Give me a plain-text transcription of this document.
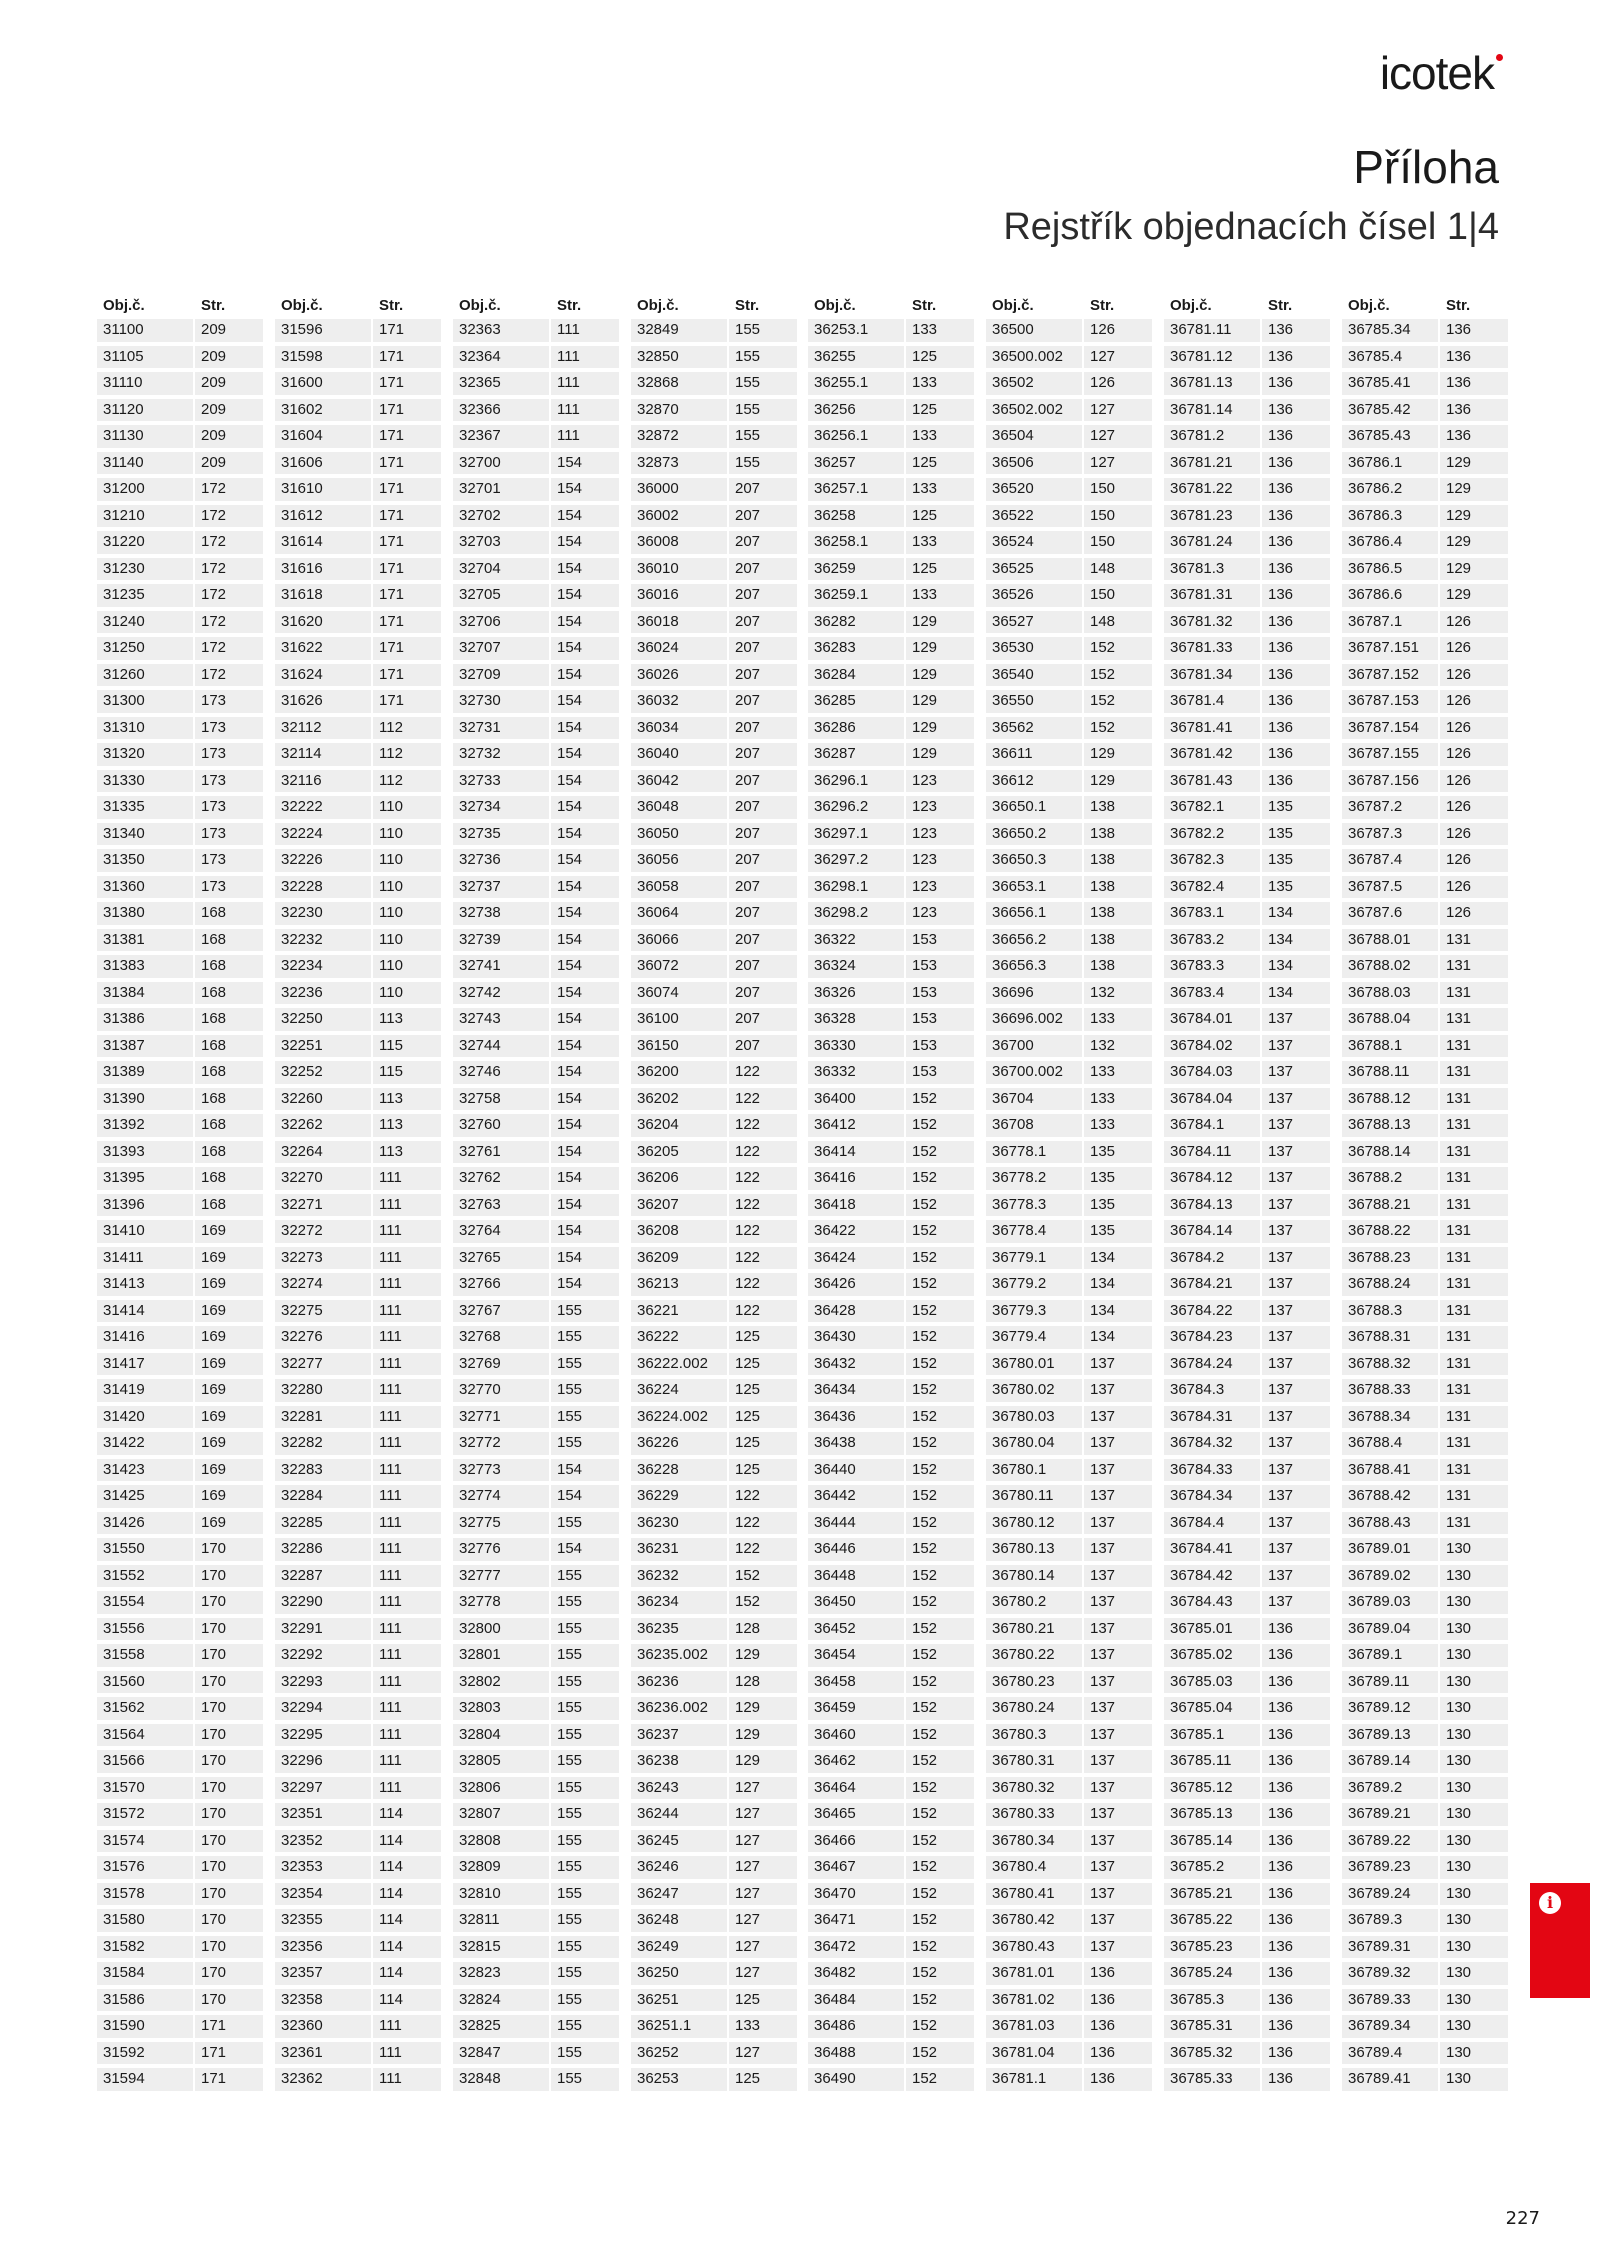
icotek
Příloha
Rejstřík objednacích čísel 1|4
Obj.č.	Str.
31100	209
31105	209
31110	209
31120	209
31130	209
31140	209
31200	172
31210	172
31220	172
31230	172
31235	172
31240	172
31250	172
31260	172
31300	173
31310	173
31320	173
31330	173
31335	173
31340	173
31350	173
31360	173
31380	168
31381	168
31383	168
31384	168
31386	168
31387	168
31389	168
31390	168
31392	168
31393	168
31395	168
31396	168
31410	169
31411	169
31413	169
31414	169
31416	169
31417	169
31419	169
31420	169
31422	169
31423	169
31425	169
31426	169
31550	170
31552	170
31554	170
31556	170
31558	170
31560	170
31562	170
31564	170
31566	170
31570	170
31572	170
31574	170
31576	170
31578	170
31580	170
31582	170
31584	170
31586	170
31590	171
31592	171
31594	171
Obj.č.	Str.
31596	171
31598	171
31600	171
31602	171
31604	171
31606	171
31610	171
31612	171
31614	171
31616	171
31618	171
31620	171
31622	171
31624	171
31626	171
32112	112
32114	112
32116	112
32222	110
32224	110
32226	110
32228	110
32230	110
32232	110
32234	110
32236	110
32250	113
32251	115
32252	115
32260	113
32262	113
32264	113
32270	111
32271	111
32272	111
32273	111
32274	111
32275	111
32276	111
32277	111
32280	111
32281	111
32282	111
32283	111
32284	111
32285	111
32286	111
32287	111
32290	111
32291	111
32292	111
32293	111
32294	111
32295	111
32296	111
32297	111
32351	114
32352	114
32353	114
32354	114
32355	114
32356	114
32357	114
32358	114
32360	111
32361	111
32362	111
Obj.č.	Str.
32363	111
32364	111
32365	111
32366	111
32367	111
32700	154
32701	154
32702	154
32703	154
32704	154
32705	154
32706	154
32707	154
32709	154
32730	154
32731	154
32732	154
32733	154
32734	154
32735	154
32736	154
32737	154
32738	154
32739	154
32741	154
32742	154
32743	154
32744	154
32746	154
32758	154
32760	154
32761	154
32762	154
32763	154
32764	154
32765	154
32766	154
32767	155
32768	155
32769	155
32770	155
32771	155
32772	155
32773	154
32774	154
32775	155
32776	154
32777	155
32778	155
32800	155
32801	155
32802	155
32803	155
32804	155
32805	155
32806	155
32807	155
32808	155
32809	155
32810	155
32811	155
32815	155
32823	155
32824	155
32825	155
32847	155
32848	155
Obj.č.	Str.
32849	155
32850	155
32868	155
32870	155
32872	155
32873	155
36000	207
36002	207
36008	207
36010	207
36016	207
36018	207
36024	207
36026	207
36032	207
36034	207
36040	207
36042	207
36048	207
36050	207
36056	207
36058	207
36064	207
36066	207
36072	207
36074	207
36100	207
36150	207
36200	122
36202	122
36204	122
36205	122
36206	122
36207	122
36208	122
36209	122
36213	122
36221	122
36222	125
36222.002	125
36224	125
36224.002	125
36226	125
36228	125
36229	122
36230	122
36231	122
36232	152
36234	152
36235	128
36235.002	129
36236	128
36236.002	129
36237	129
36238	129
36243	127
36244	127
36245	127
36246	127
36247	127
36248	127
36249	127
36250	127
36251	125
36251.1	133
36252	127
36253	125
Obj.č.	Str.
36253.1	133
36255	125
36255.1	133
36256	125
36256.1	133
36257	125
36257.1	133
36258	125
36258.1	133
36259	125
36259.1	133
36282	129
36283	129
36284	129
36285	129
36286	129
36287	129
36296.1	123
36296.2	123
36297.1	123
36297.2	123
36298.1	123
36298.2	123
36322	153
36324	153
36326	153
36328	153
36330	153
36332	153
36400	152
36412	152
36414	152
36416	152
36418	152
36422	152
36424	152
36426	152
36428	152
36430	152
36432	152
36434	152
36436	152
36438	152
36440	152
36442	152
36444	152
36446	152
36448	152
36450	152
36452	152
36454	152
36458	152
36459	152
36460	152
36462	152
36464	152
36465	152
36466	152
36467	152
36470	152
36471	152
36472	152
36482	152
36484	152
36486	152
36488	152
36490	152
Obj.č.	Str.
36500	126
36500.002	127
36502	126
36502.002	127
36504	127
36506	127
36520	150
36522	150
36524	150
36525	148
36526	150
36527	148
36530	152
36540	152
36550	152
36562	152
36611	129
36612	129
36650.1	138
36650.2	138
36650.3	138
36653.1	138
36656.1	138
36656.2	138
36656.3	138
36696	132
36696.002	133
36700	132
36700.002	133
36704	133
36708	133
36778.1	135
36778.2	135
36778.3	135
36778.4	135
36779.1	134
36779.2	134
36779.3	134
36779.4	134
36780.01	137
36780.02	137
36780.03	137
36780.04	137
36780.1	137
36780.11	137
36780.12	137
36780.13	137
36780.14	137
36780.2	137
36780.21	137
36780.22	137
36780.23	137
36780.24	137
36780.3	137
36780.31	137
36780.32	137
36780.33	137
36780.34	137
36780.4	137
36780.41	137
36780.42	137
36780.43	137
36781.01	136
36781.02	136
36781.03	136
36781.04	136
36781.1	136
Obj.č.	Str.
36781.11	136
36781.12	136
36781.13	136
36781.14	136
36781.2	136
36781.21	136
36781.22	136
36781.23	136
36781.24	136
36781.3	136
36781.31	136
36781.32	136
36781.33	136
36781.34	136
36781.4	136
36781.41	136
36781.42	136
36781.43	136
36782.1	135
36782.2	135
36782.3	135
36782.4	135
36783.1	134
36783.2	134
36783.3	134
36783.4	134
36784.01	137
36784.02	137
36784.03	137
36784.04	137
36784.1	137
36784.11	137
36784.12	137
36784.13	137
36784.14	137
36784.2	137
36784.21	137
36784.22	137
36784.23	137
36784.24	137
36784.3	137
36784.31	137
36784.32	137
36784.33	137
36784.34	137
36784.4	137
36784.41	137
36784.42	137
36784.43	137
36785.01	136
36785.02	136
36785.03	136
36785.04	136
36785.1	136
36785.11	136
36785.12	136
36785.13	136
36785.14	136
36785.2	136
36785.21	136
36785.22	136
36785.23	136
36785.24	136
36785.3	136
36785.31	136
36785.32	136
36785.33	136
Obj.č.	Str.
36785.34	136
36785.4	136
36785.41	136
36785.42	136
36785.43	136
36786.1	129
36786.2	129
36786.3	129
36786.4	129
36786.5	129
36786.6	129
36787.1	126
36787.151	126
36787.152	126
36787.153	126
36787.154	126
36787.155	126
36787.156	126
36787.2	126
36787.3	126
36787.4	126
36787.5	126
36787.6	126
36788.01	131
36788.02	131
36788.03	131
36788.04	131
36788.1	131
36788.11	131
36788.12	131
36788.13	131
36788.14	131
36788.2	131
36788.21	131
36788.22	131
36788.23	131
36788.24	131
36788.3	131
36788.31	131
36788.32	131
36788.33	131
36788.34	131
36788.4	131
36788.41	131
36788.42	131
36788.43	131
36789.01	130
36789.02	130
36789.03	130
36789.04	130
36789.1	130
36789.11	130
36789.12	130
36789.13	130
36789.14	130
36789.2	130
36789.21	130
36789.22	130
36789.23	130
36789.24	130
36789.3	130
36789.31	130
36789.32	130
36789.33	130
36789.34	130
36789.4	130
36789.41	130
i
227
